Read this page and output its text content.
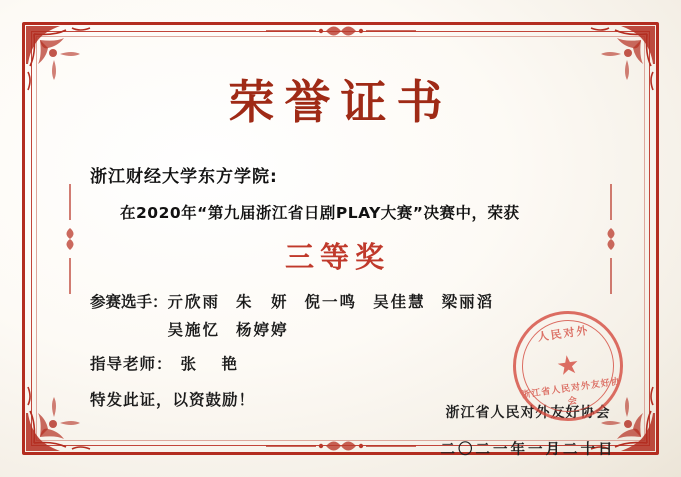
荣誉证书
浙江财经大学东方学院:
在2020年“第九届浙江省日剧PLAY大赛”决赛中，荣获
三等奖
参赛选手： 亓欣雨 朱　妍 倪一鸣 吴佳慧 梁丽滔
吴施忆 杨婷婷
指导老师： 张　艳
特发此证，以资鼓励！
浙江省人民对外友好协会
二〇二一年一月二十日
人民对外
★
浙江省人民对外友好协会
